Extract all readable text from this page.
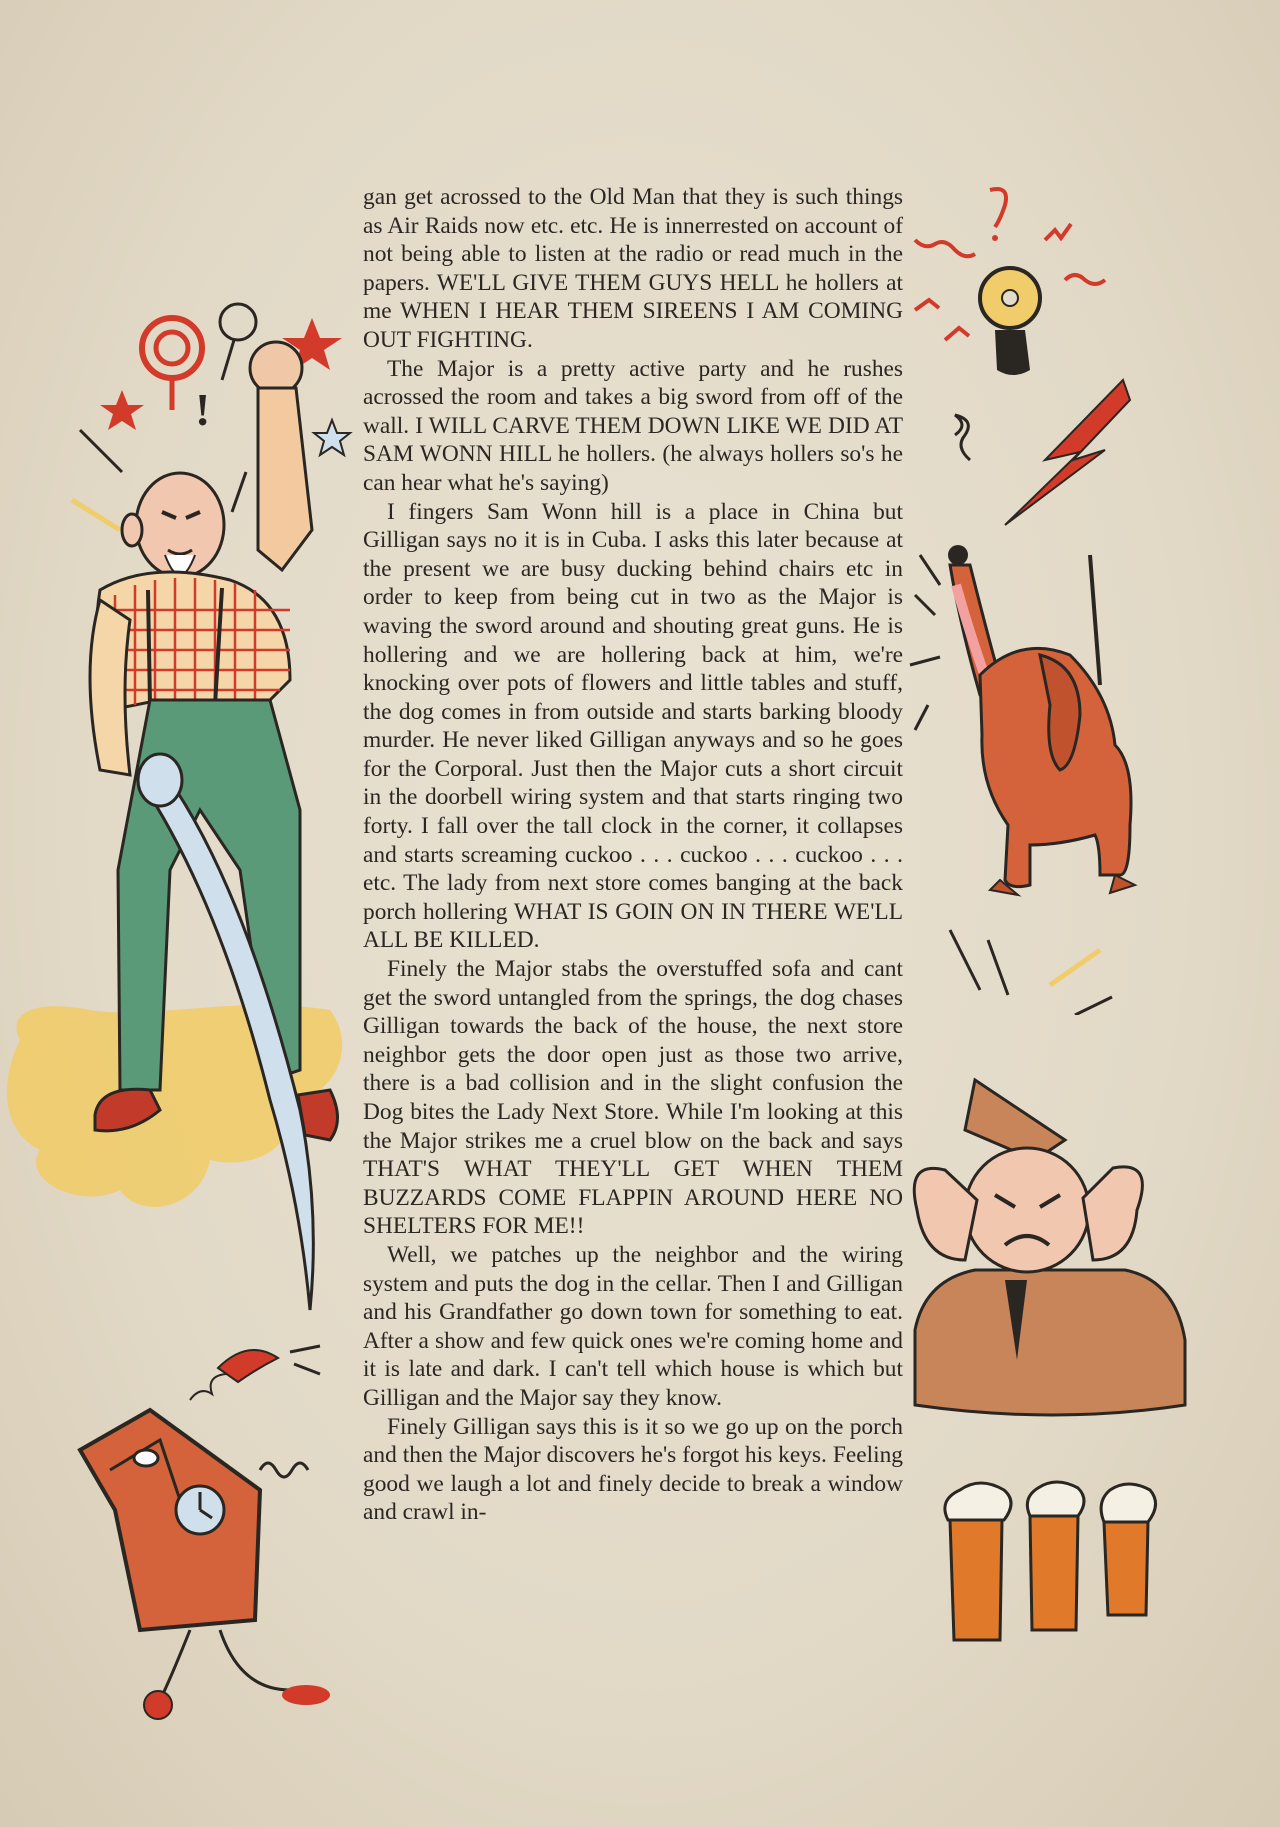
!

gan get acrossed to the Old Man that they is such things as Air Raids now etc. etc. He is innerrested on account of not being able to listen at the radio or read much in the papers. WE'LL GIVE THEM GUYS HELL he hollers at me WHEN I HEAR THEM SIREENS I AM COMING OUT FIGHTING.

The Major is a pretty active party and he rushes acrossed the room and takes a big sword from off of the wall. I WILL CARVE THEM DOWN LIKE WE DID AT SAM WONN HILL he hollers. (he always hollers so's he can hear what he's saying)

I fingers Sam Wonn hill is a place in China but Gilligan says no it is in Cuba. I asks this later because at the present we are busy ducking behind chairs etc in order to keep from being cut in two as the Major is waving the sword around and shouting great guns. He is hollering and we are hollering back at him, we're knocking over pots of flowers and little tables and stuff, the dog comes in from outside and starts barking bloody murder. He never liked Gilligan anyways and so he goes for the Corporal. Just then the Major cuts a short circuit in the doorbell wiring system and that starts ringing two forty. I fall over the tall clock in the corner, it collapses and starts screaming cuckoo . . . cuckoo . . . cuckoo . . . etc. The lady from next store comes banging at the back porch hollering WHAT IS GOIN ON IN THERE WE'LL ALL BE KILLED.

Finely the Major stabs the overstuffed sofa and cant get the sword untangled from the springs, the dog chases Gilligan towards the back of the house, the next store neighbor gets the door open just as those two arrive, there is a bad collision and in the slight confusion the Dog bites the Lady Next Store. While I'm looking at this the Major strikes me a cruel blow on the back and says THAT'S WHAT THEY'LL GET WHEN THEM BUZZARDS COME FLAPPIN AROUND HERE NO SHELTERS FOR ME!!

Well, we patches up the neighbor and the wiring system and puts the dog in the cellar. Then I and Gilligan and his Grandfather go down town for something to eat. After a show and few quick ones we're coming home and it is late and dark. I can't tell which house is which but Gilligan and the Major say they know.

Finely Gilligan says this is it so we go up on the porch and then the Major discovers he's forgot his keys. Feeling good we laugh a lot and finely decide to break a window and crawl in-
